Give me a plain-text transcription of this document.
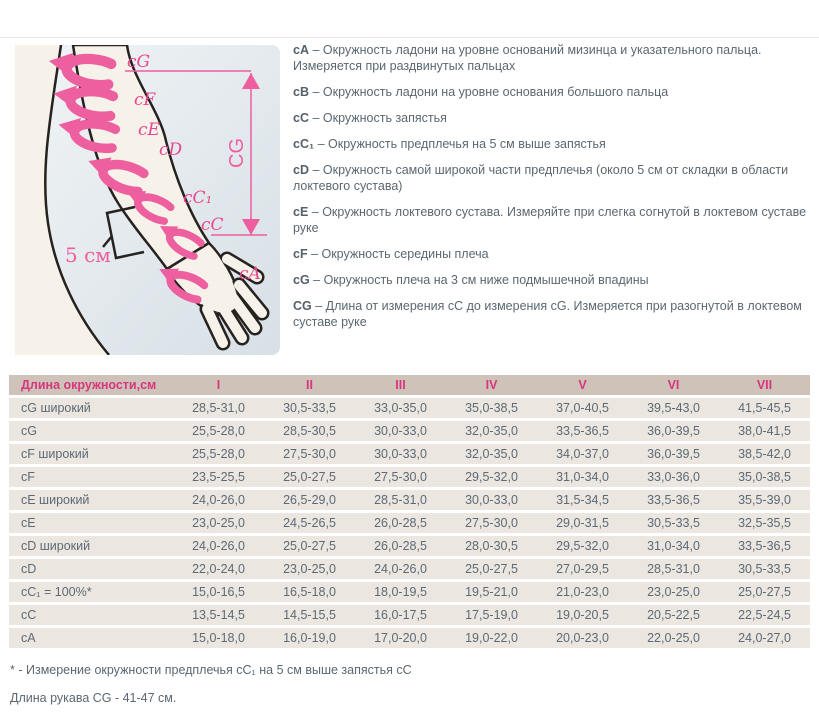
cG
cF
cE
cD
cC₁
cC
cA
CG
5 см

cA – Окружность ладони на уровне оснований мизинца и указательного пальца. Измеряется при раздвинутых пальцах

cB – Окружность ладони на уровне основания большого пальца

cC – Окружность запястья

cC₁ – Окружность предплечья на 5 см выше запястья

cD – Окружность самой широкой части предплечья (около 5 см от складки в области локтевого сустава)

cE – Окружность локтевого сустава. Измеряйте при слегка согнутой в локтевом суставе руке

cF – Окружность середины плеча

cG – Окружность плеча на 3 см ниже подмышечной впадины

CG – Длина от измерения cC до измерения cG. Измеряется при разогнутой в локтевом суставе руке

Длина окружности,см	I	II	III	IV	V	VI	VII
cG широкий	28,5-31,0	30,5-33,5	33,0-35,0	35,0-38,5	37,0-40,5	39,5-43,0	41,5-45,5
cG	25,5-28,0	28,5-30,5	30,0-33,0	32,0-35,0	33,5-36,5	36,0-39,5	38,0-41,5
cF широкий	25,5-28,0	27,5-30,0	30,0-33,0	32,0-35,0	34,0-37,0	36,0-39,5	38,5-42,0
cF	23,5-25,5	25,0-27,5	27,5-30,0	29,5-32,0	31,0-34,0	33,0-36,0	35,0-38,5
cE широкий	24,0-26,0	26,5-29,0	28,5-31,0	30,0-33,0	31,5-34,5	33,5-36,5	35,5-39,0
cE	23,0-25,0	24,5-26,5	26,0-28,5	27,5-30,0	29,0-31,5	30,5-33,5	32,5-35,5
cD широкий	24,0-26,0	25,0-27,5	26,0-28,5	28,0-30,5	29,5-32,0	31,0-34,0	33,5-36,5
cD	22,0-24,0	23,0-25,0	24,0-26,0	25,0-27,5	27,0-29,5	28,5-31,0	30,5-33,5
cC₁ = 100%*	15,0-16,5	16,5-18,0	18,0-19,5	19,5-21,0	21,0-23,0	23,0-25,0	25,0-27,5
cC	13,5-14,5	14,5-15,5	16,0-17,5	17,5-19,0	19,0-20,5	20,5-22,5	22,5-24,5
cA	15,0-18,0	16,0-19,0	17,0-20,0	19,0-22,0	20,0-23,0	22,0-25,0	24,0-27,0
* - Измерение окружности предплечья cC₁ на 5 см выше запястья cC
Длина рукава CG - 41-47 см.
